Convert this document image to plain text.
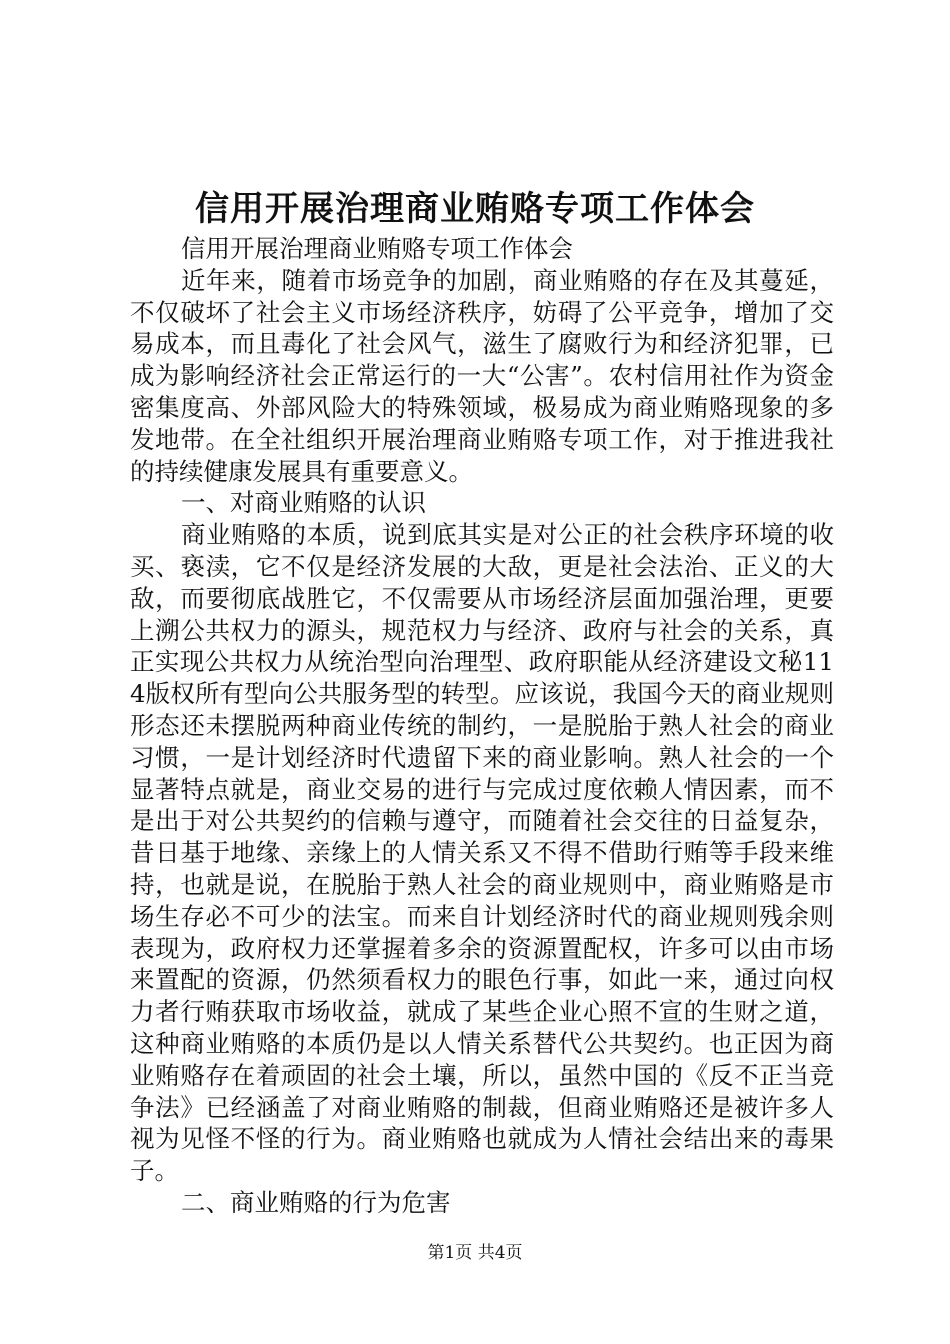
信用开展治理商业贿赂专项工作体会

信用开展治理商业贿赂专项工作体会

近年来，随着市场竞争的加剧，商业贿赂的存在及其蔓延，不仅破坏了社会主义市场经济秩序，妨碍了公平竞争，增加了交易成本，而且毒化了社会风气，滋生了腐败行为和经济犯罪，已成为影响经济社会正常运行的一大“公害”。农村信用社作为资金密集度高、外部风险大的特殊领域，极易成为商业贿赂现象的多发地带。在全社组织开展治理商业贿赂专项工作，对于推进我社的持续健康发展具有重要意义。

一、对商业贿赂的认识

商业贿赂的本质，说到底其实是对公正的社会秩序环境的收买、亵渎，它不仅是经济发展的大敌，更是社会法治、正义的大敌，而要彻底战胜它，不仅需要从市场经济层面加强治理，更要上溯公共权力的源头，规范权力与经济、政府与社会的关系，真正实现公共权力从统治型向治理型、政府职能从经济建设文秘114版权所有型向公共服务型的转型。应该说，我国今天的商业规则形态还未摆脱两种商业传统的制约，一是脱胎于熟人社会的商业习惯，一是计划经济时代遗留下来的商业影响。熟人社会的一个显著特点就是，商业交易的进行与完成过度依赖人情因素，而不是出于对公共契约的信赖与遵守，而随着社会交往的日益复杂，昔日基于地缘、亲缘上的人情关系又不得不借助行贿等手段来维持，也就是说，在脱胎于熟人社会的商业规则中，商业贿赂是市场生存必不可少的法宝。而来自计划经济时代的商业规则残余则表现为，政府权力还掌握着多余的资源置配权，许多可以由市场来置配的资源，仍然须看权力的眼色行事，如此一来，通过向权力者行贿获取市场收益，就成了某些企业心照不宣的生财之道，这种商业贿赂的本质仍是以人情关系替代公共契约。也正因为商业贿赂存在着顽固的社会土壤，所以，虽然中国的《反不正当竞争法》已经涵盖了对商业贿赂的制裁，但商业贿赂还是被许多人视为见怪不怪的行为。商业贿赂也就成为人情社会结出来的毒果子。

二、商业贿赂的行为危害

第1页 共4页
